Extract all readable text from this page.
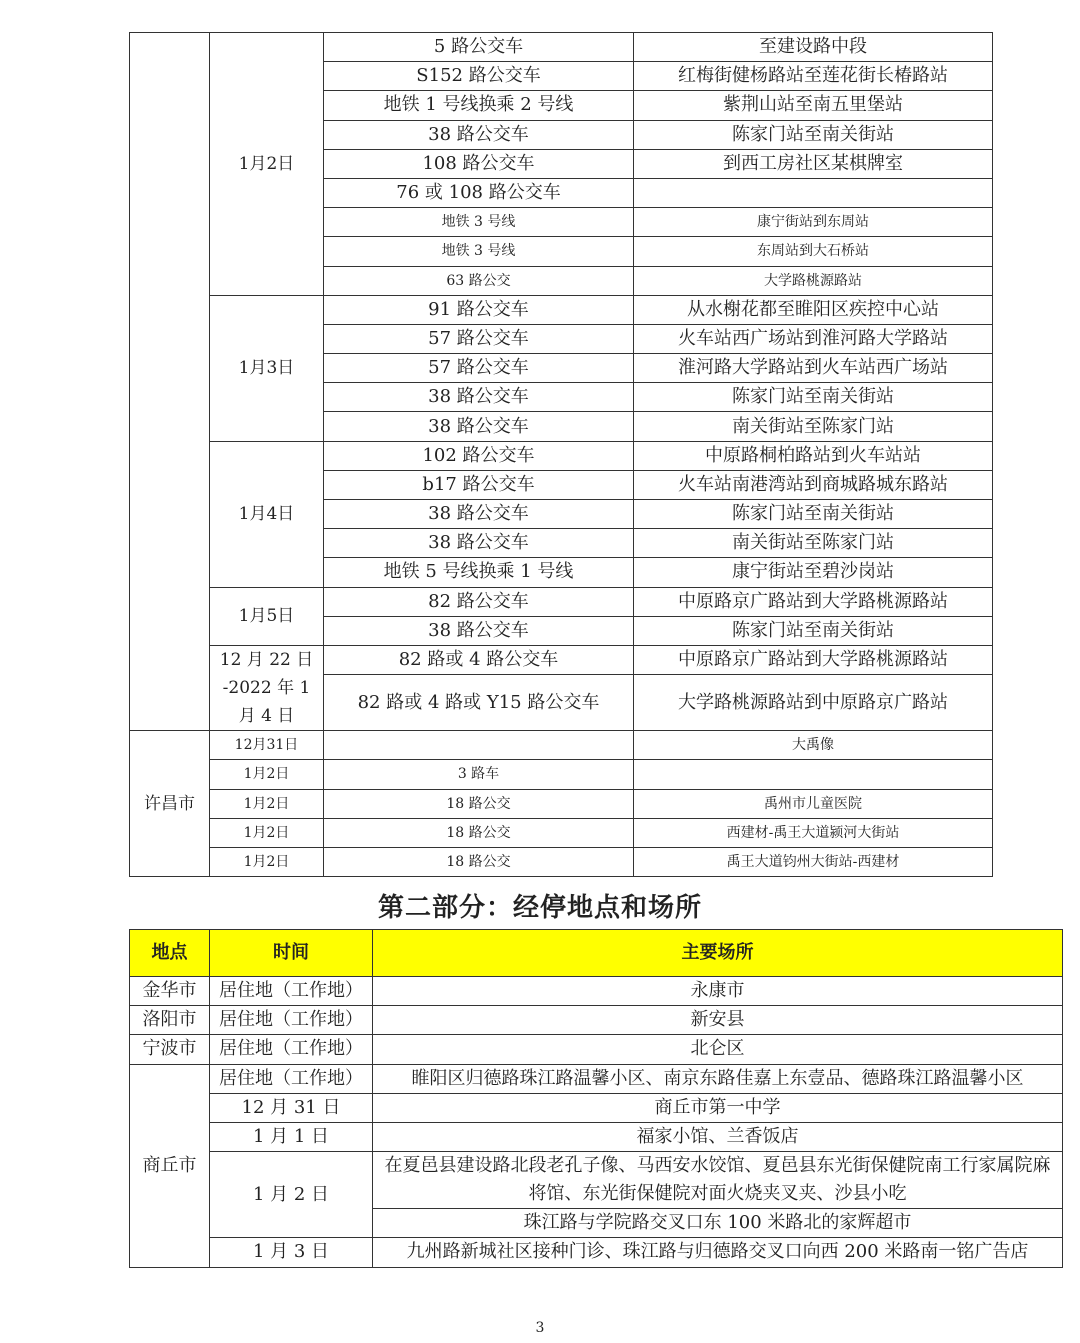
	1月2日	5 路公交车	至建设路中段
		S152 路公交车	红梅街健杨路站至莲花街长椿路站
		地铁 1 号线换乘 2 号线	紫荆山站至南五里堡站
		38 路公交车	陈家门站至南关街站
		108 路公交车	到西工房社区某棋牌室
		76 或 108 路公交车	
		地铁 3 号线	康宁街站到东周站
		地铁 3 号线	东周站到大石桥站
		63 路公交	大学路桃源路站
	1月3日	91 路公交车	从水榭花都至睢阳区疾控中心站
		57 路公交车	火车站西广场站到淮河路大学路站
		57 路公交车	淮河路大学路站到火车站西广场站
		38 路公交车	陈家门站至南关街站
		38 路公交车	南关街站至陈家门站
	1月4日	102 路公交车	中原路桐柏路站到火车站站
		b17 路公交车	火车站南港湾站到商城路城东路站
		38 路公交车	陈家门站至南关街站
		38 路公交车	南关街站至陈家门站
		地铁 5 号线换乘 1 号线	康宁街站至碧沙岗站
	1月5日	82 路公交车	中原路京广路站到大学路桃源路站
		38 路公交车	陈家门站至南关街站
	12 月 22 日 -2022 年 1 月 4 日	82 路或 4 路公交车	中原路京广路站到大学路桃源路站
		82 路或 4 路或 Y15 路公交车	大学路桃源路站到中原路京广路站
许昌市	12月31日		大禹像
	1月2日	3 路车	
	1月2日	18 路公交	禹州市儿童医院
	1月2日	18 路公交	西建材-禹王大道颍河大街站
	1月2日	18 路公交	禹王大道钧州大街站-西建材
第二部分：经停地点和场所
地点	时间	主要场所
金华市	居住地（工作地）	永康市
洛阳市	居住地（工作地）	新安县
宁波市	居住地（工作地）	北仑区
商丘市	居住地（工作地）	睢阳区归德路珠江路温馨小区、南京东路佳嘉上东壹品、德路珠江路温馨小区
	12 月 31 日	商丘市第一中学
	1 月 1 日	福家小馆、兰香饭店
	1 月 2 日	在夏邑县建设路北段老孔子像、马西安水饺馆、夏邑县东光街保健院南工行家属院麻将馆、东光街保健院对面火烧夹叉夹、沙县小吃
		珠江路与学院路交叉口东 100 米路北的家辉超市
	1 月 3 日	九州路新城社区接种门诊、珠江路与归德路交叉口向西 200 米路南一铭广告店
3
